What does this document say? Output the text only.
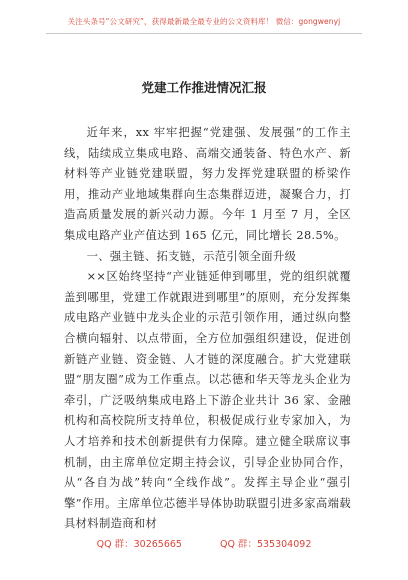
关注头条号“公文研究”，获得最新最全最专业的公文资料库！ 微信：gongwenyj
党建工作推进情况汇报

近年来，xx 牢牢把握“党建强、发展强”的工作主线，陆续成立集成电路、高端交通装备、特色水产、新材料等产业链党建联盟，努力发挥党建联盟的桥梁作用，推动产业地域集群向生态集群迈进，凝聚合力，打造高质量发展的新兴动力源。今年 1 月至 7 月，全区集成电路产业产值达到 165 亿元，同比增长 28.5%。

一、强主链、拓支链，示范引领全面升级

××区始终坚持“产业链延伸到哪里，党的组织就覆盖到哪里，党建工作就跟进到哪里”的原则，充分发挥集成电路产业链中龙头企业的示范引领作用，通过纵向整合横向辐射、以点带面，全方位加强组织建设，促进创新链产业链、资金链、人才链的深度融合。扩大党建联盟“朋友圈”成为工作重点。以芯德和华天等龙头企业为牵引，广泛吸纳集成电路上下游企业共计 36 家、金融机构和高校院所支持单位，积极促成行业专家加入，为人才培养和技术创新提供有力保障。建立健全联席议事机制，由主席单位定期主持会议，引导企业协同合作，从“各自为战”转向“全线作战”。发挥主导企业“强引擎”作用。主席单位芯德半导体协助联盟引进多家高端载具材料制造商和材

QQ 群：30265665	QQ 群：535304092
